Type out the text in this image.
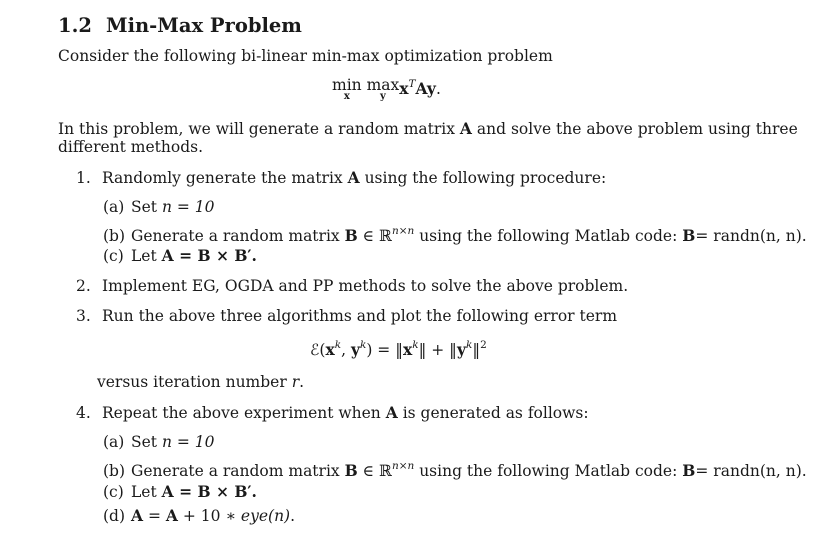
1.2 Min-Max Problem
Consider the following bi-linear min-max optimization problem
min
x
max
y $x^TAy$.
In this problem, we will generate a random matrix A and solve the above problem using three
different methods.
1. Randomly generate the matrix A using the following procedure:
(a) Set n = 10
(b) Generate a random matrix B ∈ ℝ$^{n\times n}$ using the following Matlab code: B= randn(n, n).
(c) Let A = B × B′.
2. Implement EG, OGDA and PP methods to solve the above problem.
3. Run the above three algorithms and plot the following error term
$ℰ(x^k$, $y^k$) = $‖x^k‖$ + $‖y^k‖^2$
versus iteration number r.
4. Repeat the above experiment when A is generated as follows:
(a) Set n = 10
(b) Generate a random matrix B ∈ ℝ$^{n\times n}$ using the following Matlab code: B= randn(n, n).
(c) Let A = B × B′.
(d) A = A + 10 ∗ eye(n).
